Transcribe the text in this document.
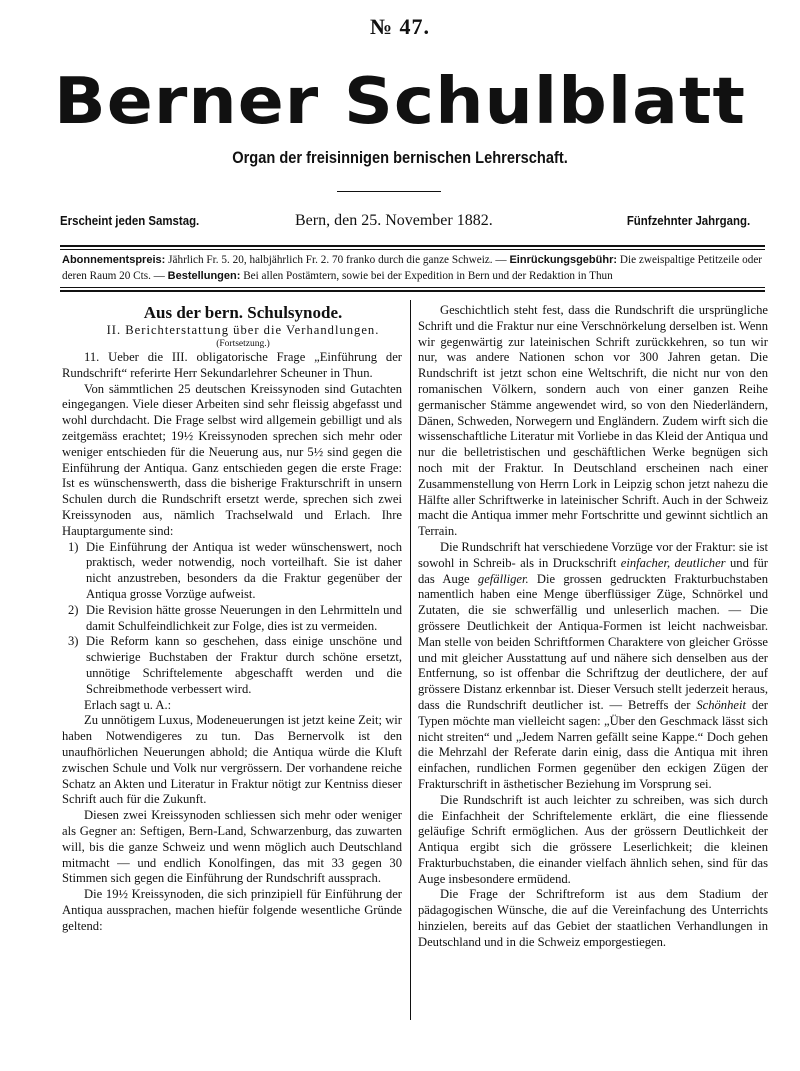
№ 47.
Berner Schulblatt
Organ der freisinnigen bernischen Lehrerschaft.
Erscheint jeden Samstag.	Bern, den 25. November 1882.	Fünfzehnter Jahrgang.
Abonnementspreis: Jährlich Fr. 5. 20, halbjährlich Fr. 2. 70 franko durch die ganze Schweiz. — Einrückungsgebühr: Die zweispaltige Petitzeile oder deren Raum 20 Cts. — Bestellungen: Bei allen Postämtern, sowie bei der Expedition in Bern und der Redaktion in Thun

Aus der bern. Schulsynode.

II. Berichterstattung über die Verhandlungen.

(Fortsetzung.)

11. Ueber die III. obligatorische Frage „Einführung der Rundschrift“ referirte Herr Sekundarlehrer Scheuner in Thun.

Von sämmtlichen 25 deutschen Kreissynoden sind Gutachten eingegangen. Viele dieser Arbeiten sind sehr fleissig abgefasst und wohl durchdacht. Die Frage selbst wird allgemein gebilligt und als zeitgemäss erachtet; 19½ Kreissynoden sprechen sich mehr oder weniger entschieden für die Neuerung aus, nur 5½ sind gegen die Einführung der Antiqua. Ganz entschieden gegen die erste Frage: Ist es wünschenswerth, dass die bisherige Frakturschrift in unsern Schulen durch die Rundschrift ersetzt werde, sprechen sich zwei Kreissynoden aus, nämlich Trachselwald und Erlach. Ihre Hauptargumente sind:

1) Die Einführung der Antiqua ist weder wünschenswert, noch praktisch, weder notwendig, noch vorteilhaft. Sie ist daher nicht anzustreben, besonders da die Fraktur gegenüber der Antiqua grosse Vorzüge aufweist.
2) Die Revision hätte grosse Neuerungen in den Lehrmitteln und damit Schulfeindlichkeit zur Folge, dies ist zu vermeiden.
3) Die Reform kann so geschehen, dass einige unschöne und schwierige Buchstaben der Fraktur durch schöne ersetzt, unnötige Schriftelemente abgeschafft werden und die Schreibmethode verbessert wird.

Erlach sagt u. A.:

Zu unnötigem Luxus, Modeneuerungen ist jetzt keine Zeit; wir haben Notwendigeres zu tun. Das Bernervolk ist den unaufhörlichen Neuerungen abhold; die Antiqua würde die Kluft zwischen Schule und Volk nur vergrössern. Der vorhandene reiche Schatz an Akten und Literatur in Fraktur nötigt zur Kentniss dieser Schrift auch für die Zukunft.

Diesen zwei Kreissynoden schliessen sich mehr oder weniger als Gegner an: Seftigen, Bern-Land, Schwarzenburg, das zuwarten will, bis die ganze Schweiz und wenn möglich auch Deutschland mitmacht — und endlich Konolfingen, das mit 33 gegen 30 Stimmen sich gegen die Einführung der Rundschrift aussprach.

Die 19½ Kreissynoden, die sich prinzipiell für Einführung der Antiqua aussprachen, machen hiefür folgende wesentliche Gründe geltend:

Geschichtlich steht fest, dass die Rundschrift die ursprüngliche Schrift und die Fraktur nur eine Verschnörkelung derselben ist. Wenn wir gegenwärtig zur lateinischen Schrift zurückkehren, so tun wir nur, was andere Nationen schon vor 300 Jahren getan. Die Rundschrift ist jetzt schon eine Weltschrift, die nicht nur von den romanischen Völkern, sondern auch von einer ganzen Reihe germanischer Stämme angewendet wird, so von den Niederländern, Dänen, Schweden, Norwegern und Engländern. Zudem wirft sich die wissenschaftliche Literatur mit Vorliebe in das Kleid der Antiqua und nur die belletristischen und geschäftlichen Werke begnügen sich noch mit der Fraktur. In Deutschland erscheinen nach einer Zusammenstellung von Herrn Lork in Leipzig schon jetzt nahezu die Hälfte aller Schriftwerke in lateinischer Schrift. Auch in der Schweiz macht die Antiqua immer mehr Fortschritte und gewinnt sichtlich an Terrain.

Die Rundschrift hat verschiedene Vorzüge vor der Fraktur: sie ist sowohl in Schreib- als in Druckschrift einfacher, deutlicher und für das Auge gefälliger. Die grossen gedruckten Frakturbuchstaben namentlich haben eine Menge überflüssiger Züge, Schnörkel und Zutaten, die sie schwerfällig und unleserlich machen. — Die grössere Deutlichkeit der Antiqua-Formen ist leicht nachweisbar. Man stelle von beiden Schriftformen Charaktere von gleicher Grösse und mit gleicher Ausstattung auf und nähere sich denselben aus der Entfernung, so ist offenbar die Schriftzug der deutlichere, der auf grössere Distanz erkennbar ist. Dieser Versuch stellt jederzeit heraus, dass die Rundschrift deutlicher ist. — Betreffs der Schönheit der Typen möchte man vielleicht sagen: „Über den Geschmack lässt sich nicht streiten“ und „Jedem Narren gefällt seine Kappe.“ Doch gehen die Mehrzahl der Referate darin einig, dass die Antiqua mit ihren einfachen, rundlichen Formen gegenüber den eckigen Zügen der Frakturschrift in ästhetischer Beziehung im Vorsprung sei.

Die Rundschrift ist auch leichter zu schreiben, was sich durch die Einfachheit der Schriftelemente erklärt, die eine fliessende geläufige Schrift ermöglichen. Aus der grössern Deutlichkeit der Antiqua ergibt sich die grössere Leserlichkeit; die kleinen Frakturbuchstaben, die einander vielfach ähnlich sehen, sind für das Auge insbesondere ermüdend.

Die Frage der Schriftreform ist aus dem Stadium der pädagogischen Wünsche, die auf die Vereinfachung des Unterrichts hinzielen, bereits auf das Gebiet der staatlichen Verhandlungen in Deutschland und in die Schweiz emporgestiegen.
